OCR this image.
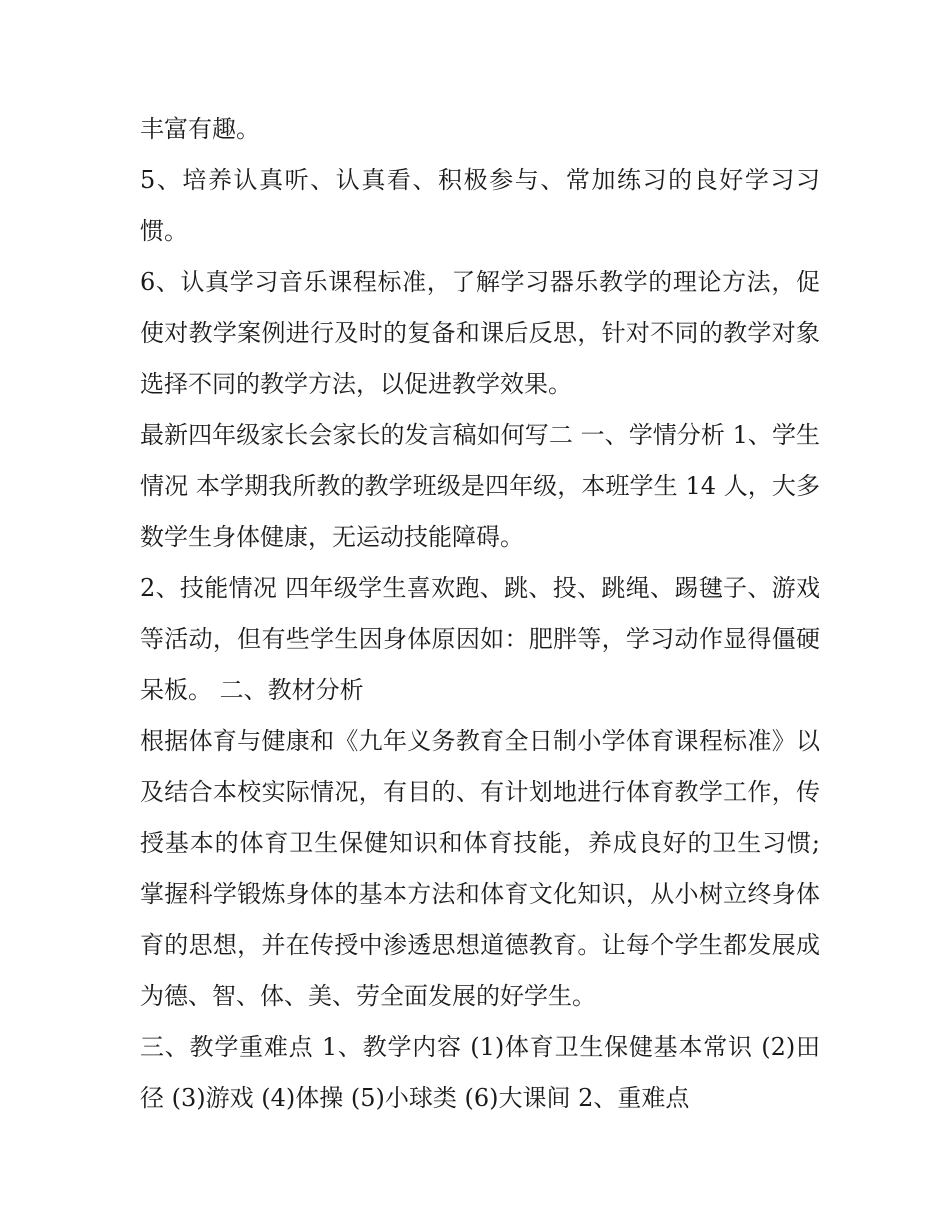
丰富有趣。

5、培养认真听、认真看、积极参与、常加练习的良好学习习惯。

6、认真学习音乐课程标准，了解学习器乐教学的理论方法，促使对教学案例进行及时的复备和课后反思，针对不同的教学对象选择不同的教学方法，以促进教学效果。

最新四年级家长会家长的发言稿如何写二 一、学情分析 1、学生情况 本学期我所教的教学班级是四年级，本班学生 14 人，大多数学生身体健康，无运动技能障碍。

2、技能情况 四年级学生喜欢跑、跳、投、跳绳、踢毽子、游戏等活动，但有些学生因身体原因如：肥胖等，学习动作显得僵硬呆板。 二、教材分析

根据体育与健康和《九年义务教育全日制小学体育课程标准》以及结合本校实际情况，有目的、有计划地进行体育教学工作，传授基本的体育卫生保健知识和体育技能，养成良好的卫生习惯;掌握科学锻炼身体的基本方法和体育文化知识，从小树立终身体育的思想，并在传授中渗透思想道德教育。让每个学生都发展成为德、智、体、美、劳全面发展的好学生。

三、教学重难点 1、教学内容 (1)体育卫生保健基本常识 (2)田径 (3)游戏 (4)体操 (5)小球类 (6)大课间 2、重难点
